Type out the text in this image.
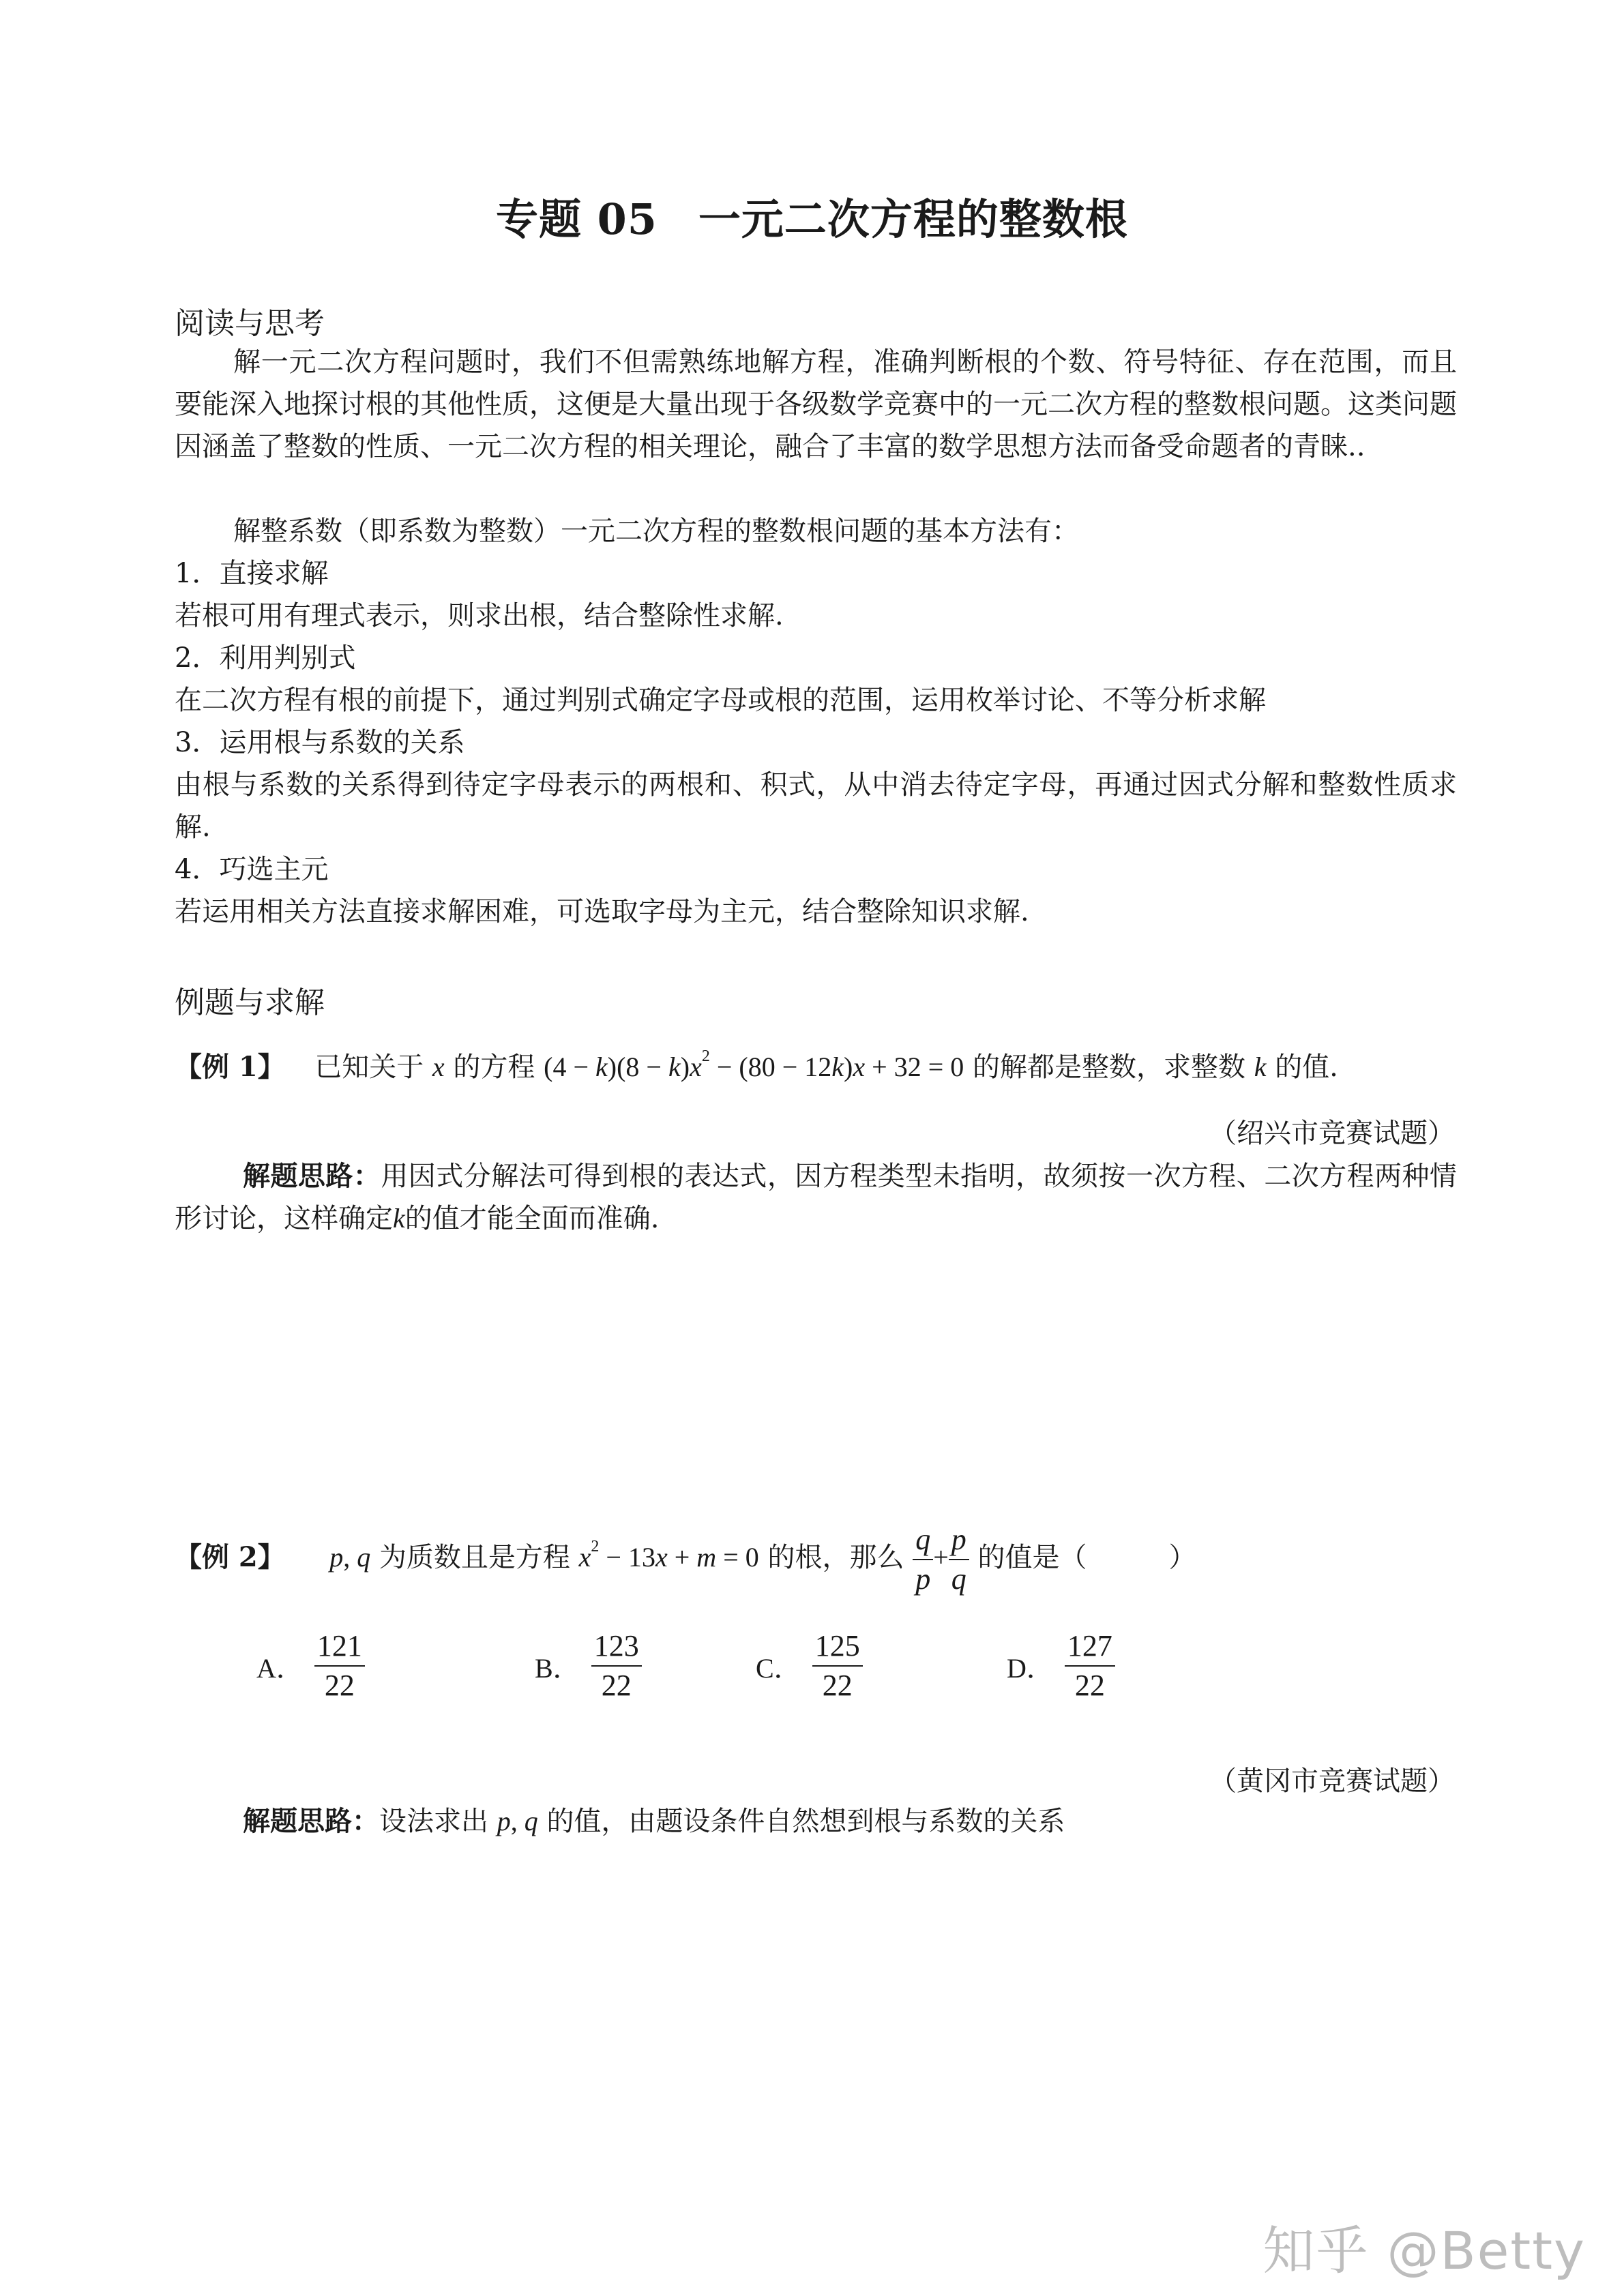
专题 05 一元二次方程的整数根
阅读与思考
解一元二次方程问题时，我们不但需熟练地解方程，准确判断根的个数、符号特征、存在范围，而且要能深入地探讨根的其他性质，这便是大量出现于各级数学竞赛中的一元二次方程的整数根问题。这类问题因涵盖了整数的性质、一元二次方程的相关理论，融合了丰富的数学思想方法而备受命题者的青睐..
解整系数（即系数为整数）一元二次方程的整数根问题的基本方法有：
1．直接求解
若根可用有理式表示，则求出根，结合整除性求解.
2．利用判别式
在二次方程有根的前提下，通过判别式确定字母或根的范围，运用枚举讨论、不等分析求解
3．运用根与系数的关系
由根与系数的关系得到待定字母表示的两根和、积式，从中消去待定字母，再通过因式分解和整数性质求解.
4．巧选主元
若运用相关方法直接求解困难，可选取字母为主元，结合整除知识求解.
例题与求解
【例 1】 已知关于 x 的方程 $(4 - k)(8 - k)x^2 - (80 - 12k)x + 32 = 0$ 的解都是整数，求整数 k 的值.
（绍兴市竞赛试题）
解题思路：用因式分解法可得到根的表达式，因方程类型未指明，故须按一次方程、二次方程两种情形讨论，这样确定k的值才能全面而准确.
【例 2】 p, q 为质数且是方程 $x^2 - 13x + m = 0$ 的根，那么 $\frac{q}{p} + \frac{p}{q}$ 的值是（　　　）
A． $\frac{121}{22}$	B． $\frac{123}{22}$	C． $\frac{125}{22}$	D． $\frac{127}{22}$
（黄冈市竞赛试题）
解题思路：设法求出 p, q 的值，由题设条件自然想到根与系数的关系
知乎 @Betty
